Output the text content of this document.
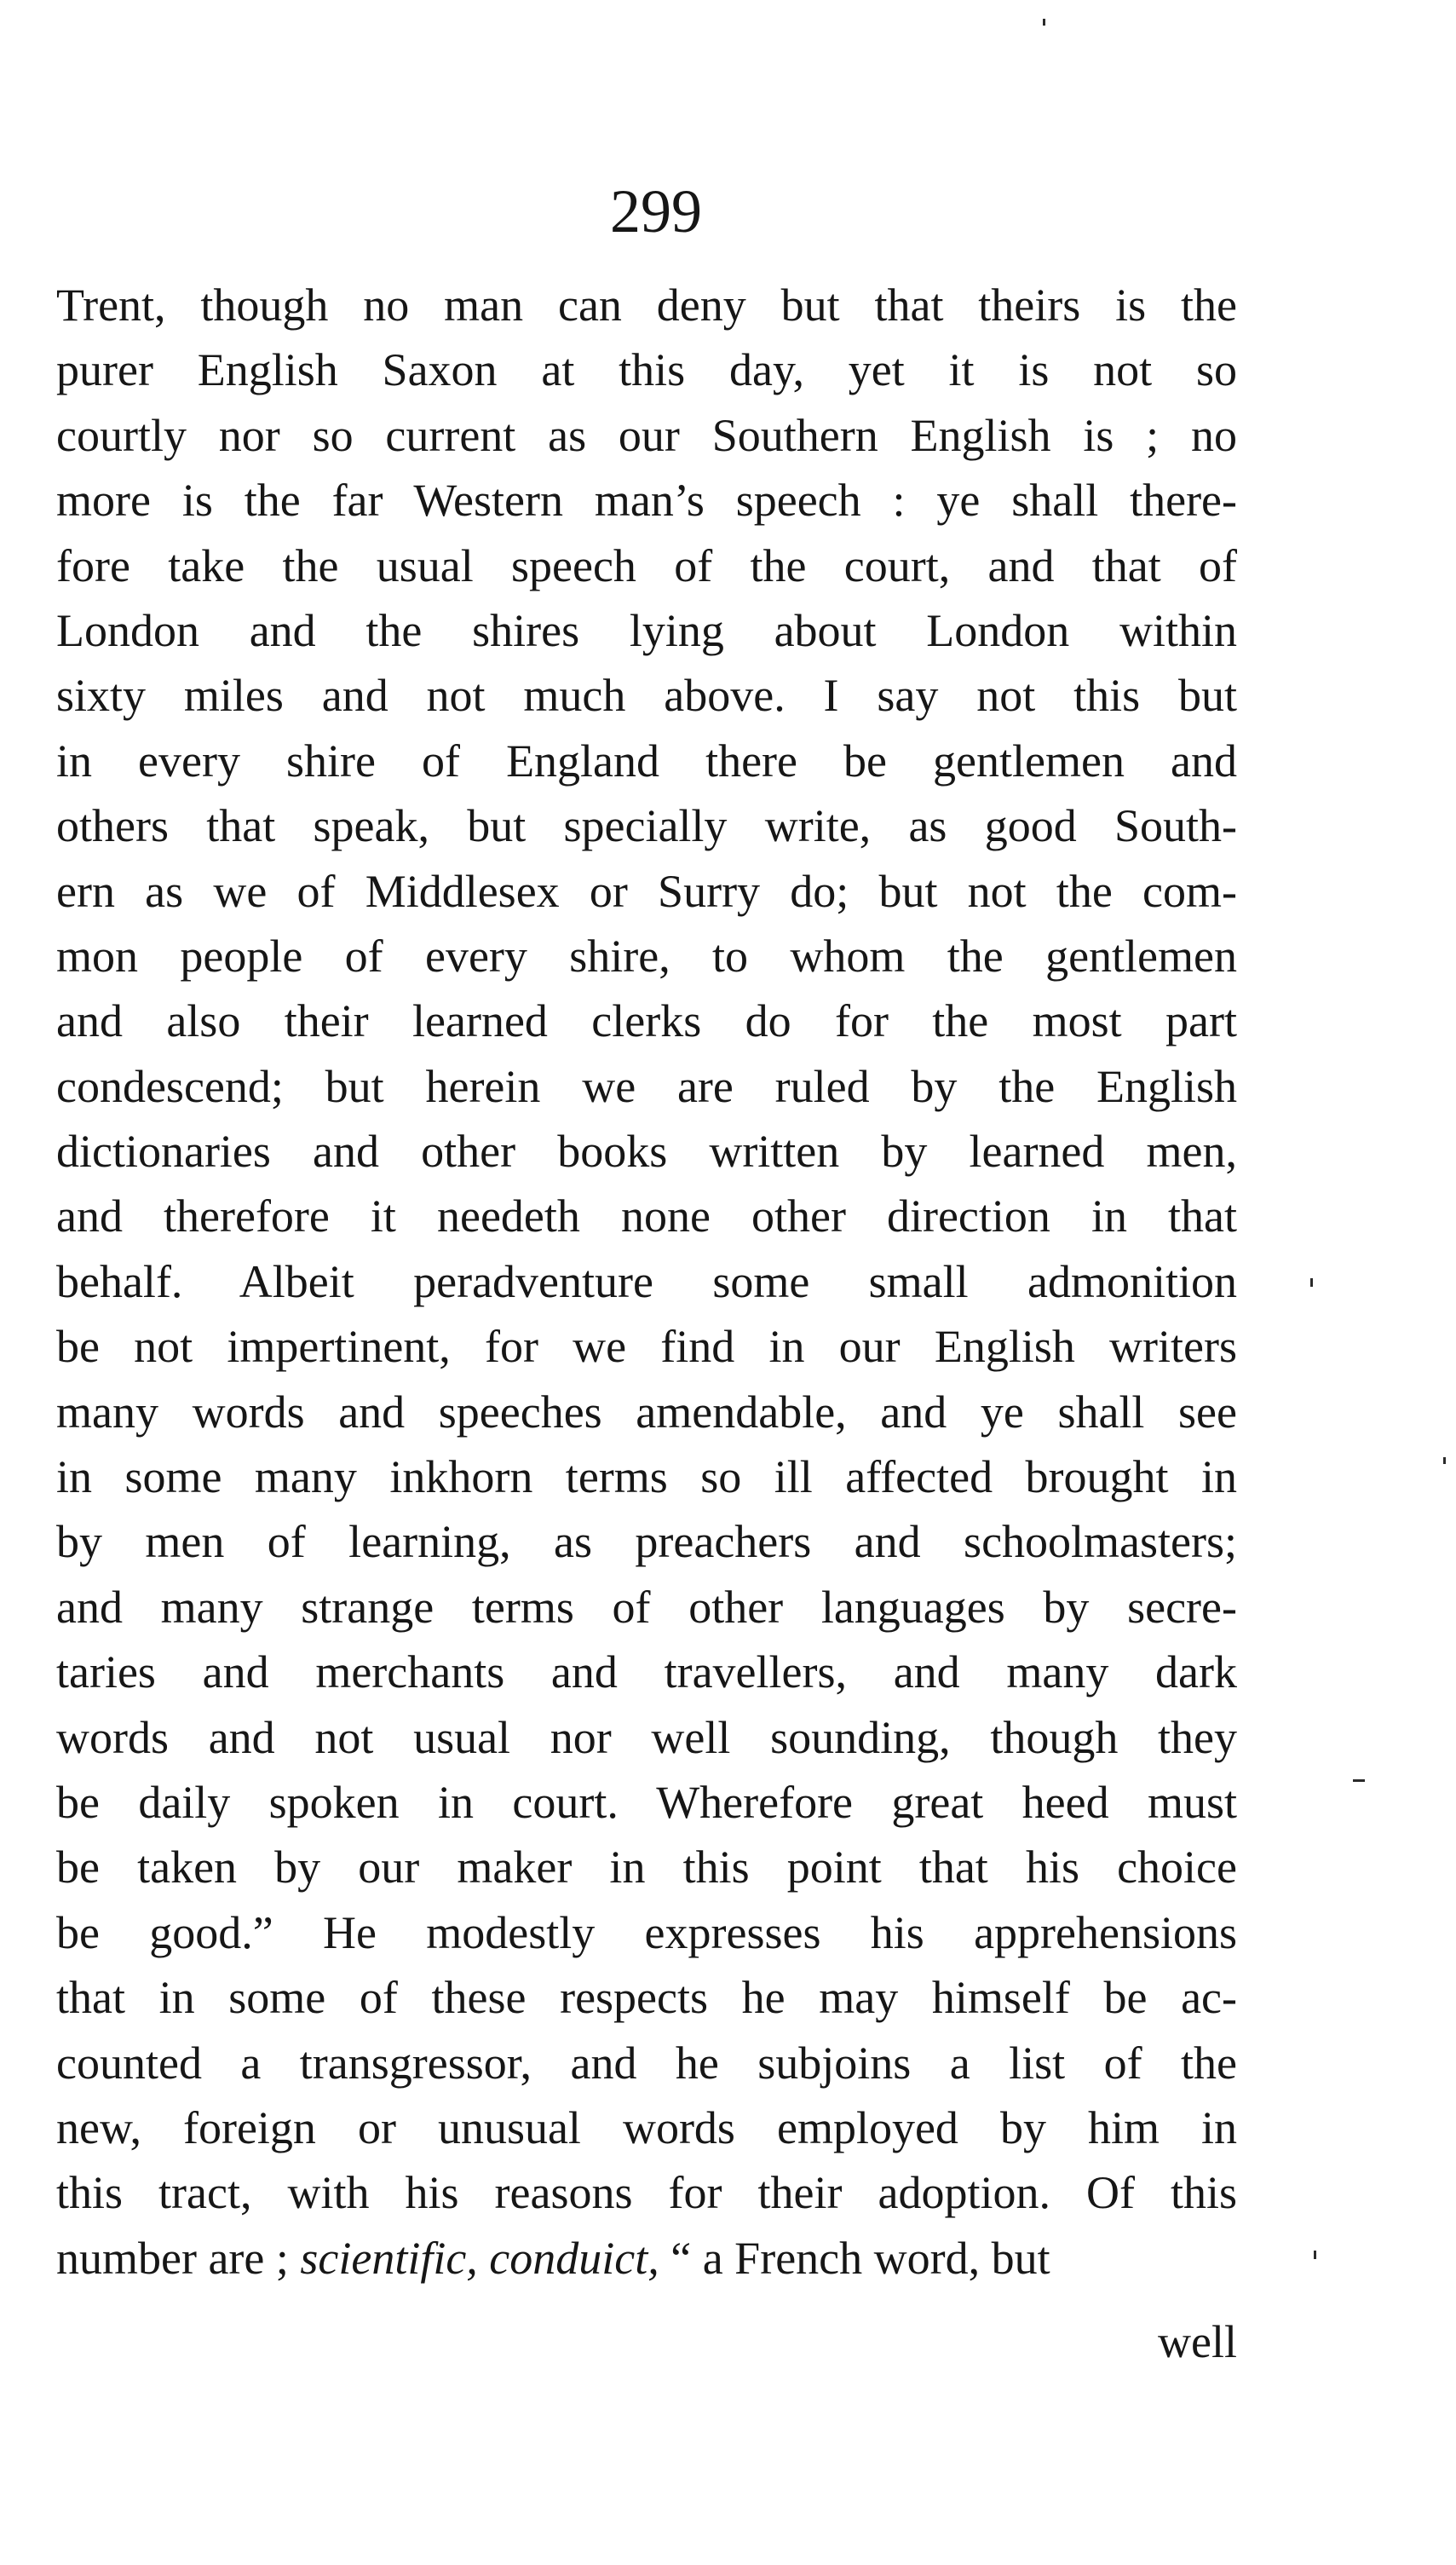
299
Trent, though no man can deny but that theirs is the
purer English Saxon at this day, yet it is not so
courtly nor so current as our Southern English is ; no
more is the far Western man’s speech : ye shall there-
fore take the usual speech of the court, and that of
London and the shires lying about London within
sixty miles and not much above. I say not this but
in every shire of England there be gentlemen and
others that speak, but specially write, as good South-
ern as we of Middlesex or Surry do; but not the com-
mon people of every shire, to whom the gentlemen
and also their learned clerks do for the most part
condescend; but herein we are ruled by the English
dictionaries and other books written by learned men,
and therefore it needeth none other direction in that
behalf. Albeit peradventure some small admonition
be not impertinent, for we find in our English writers
many words and speeches amendable, and ye shall see
in some many inkhorn terms so ill affected brought in
by men of learning, as preachers and schoolmasters;
and many strange terms of other languages by secre-
taries and merchants and travellers, and many dark
words and not usual nor well sounding, though they
be daily spoken in court. Wherefore great heed must
be taken by our maker in this point that his choice
be good.” He modestly expresses his apprehensions
that in some of these respects he may himself be ac-
counted a transgressor, and he subjoins a list of the
new, foreign or unusual words employed by him in
this tract, with his reasons for their adoption. Of this
number are ; scientific, conduict, “ a French word, but
well
